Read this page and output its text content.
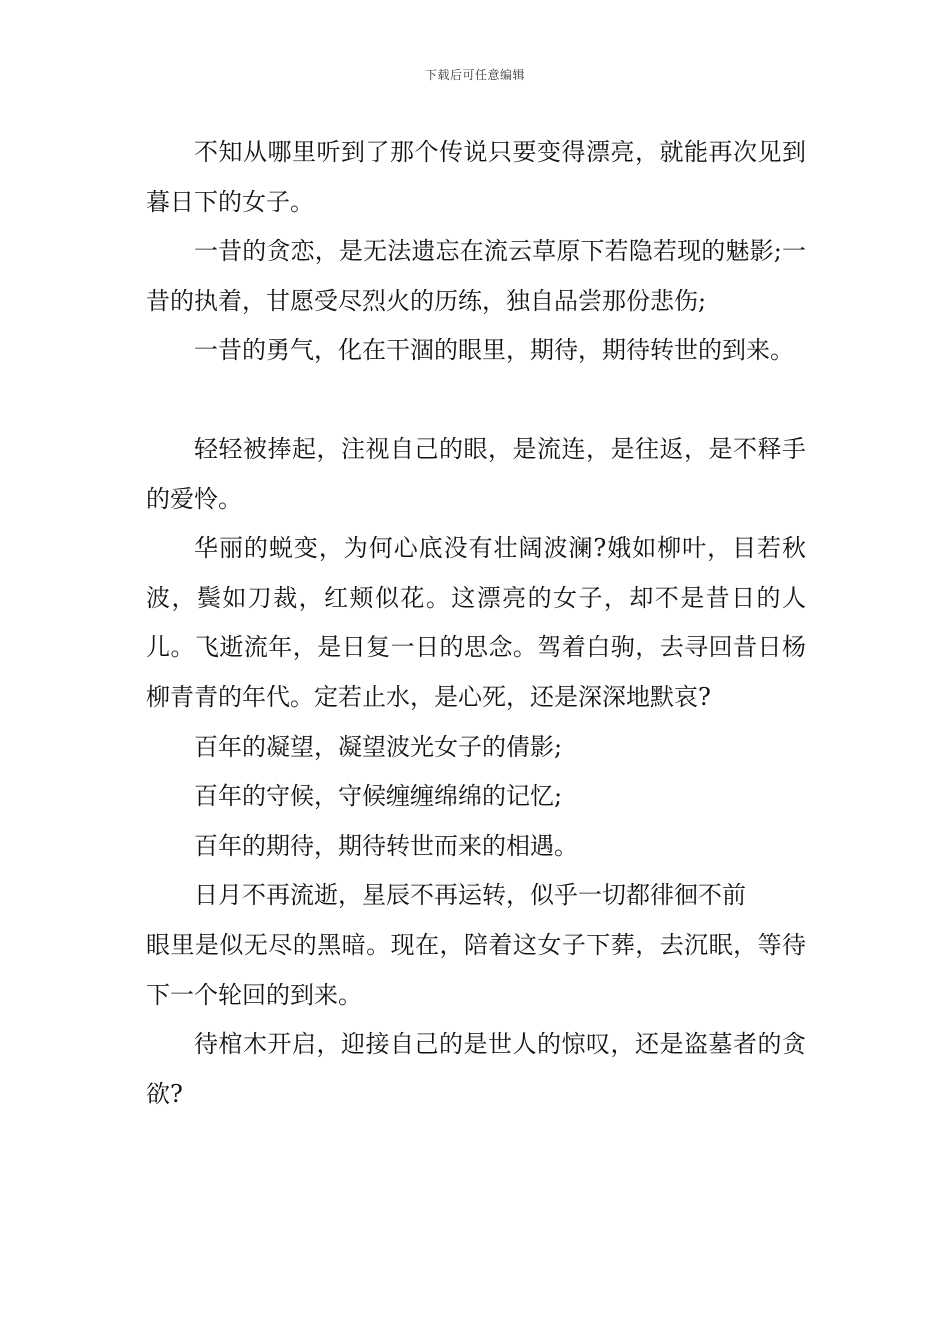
下载后可任意编辑

不知从哪里听到了那个传说只要变得漂亮，就能再次见到暮日下的女子。

一昔的贪恋，是无法遗忘在流云草原下若隐若现的魅影;一昔的执着，甘愿受尽烈火的历练，独自品尝那份悲伤;

一昔的勇气，化在干涸的眼里，期待，期待转世的到来。

轻轻被捧起，注视自己的眼，是流连，是往返，是不释手的爱怜。

华丽的蜕变，为何心底没有壮阔波澜?娥如柳叶，目若秋波，鬓如刀裁，红颊似花。这漂亮的女子，却不是昔日的人儿。飞逝流年，是日复一日的思念。驾着白驹，去寻回昔日杨柳青青的年代。定若止水，是心死，还是深深地默哀?

百年的凝望，凝望波光女子的倩影;

百年的守候，守候缠缠绵绵的记忆;

百年的期待，期待转世而来的相遇。

日月不再流逝，星辰不再运转，似乎一切都徘徊不前

眼里是似无尽的黑暗。现在，陪着这女子下葬，去沉眠，等待下一个轮回的到来。

待棺木开启，迎接自己的是世人的惊叹，还是盗墓者的贪欲?
